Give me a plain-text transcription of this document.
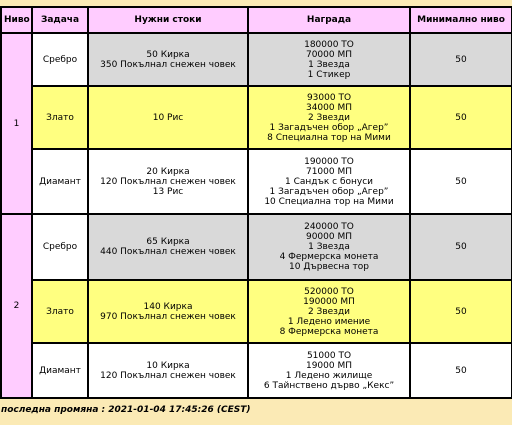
Ниво	Задача	Нужни стоки	Награда	Минимално ниво
1	Сребро	50 Кирка
350 Покълнал снежен човек	180000 TO
70000 МП
1 Звезда
1 Стикер	50
	Злато	10 Рис	93000 TO
34000 МП
2 Звезди
1 Загадъчен обор „Агер”
8 Специална тор на Мими	50
	Диамант	20 Кирка
120 Покълнал снежен човек
13 Рис	190000 TO
71000 МП
1 Сандък с бонуси
1 Загадъчен обор „Агер”
10 Специална тор на Мими	50
2	Сребро	65 Кирка
440 Покълнал снежен човек	240000 TO
90000 МП
1 Звезда
4 Фермерска монета
10 Дървесна тор	50
	Злато	140 Кирка
970 Покълнал снежен човек	520000 TO
190000 МП
2 Звезди
1 Ледено имение
8 Фермерска монета	50
	Диамант	10 Кирка
120 Покълнал снежен човек	51000 TO
19000 МП
1 Ледено жилище
6 Тайнствено дърво „Кекс”	50
последна промяна : 2021-01-04 17:45:26 (CEST)
